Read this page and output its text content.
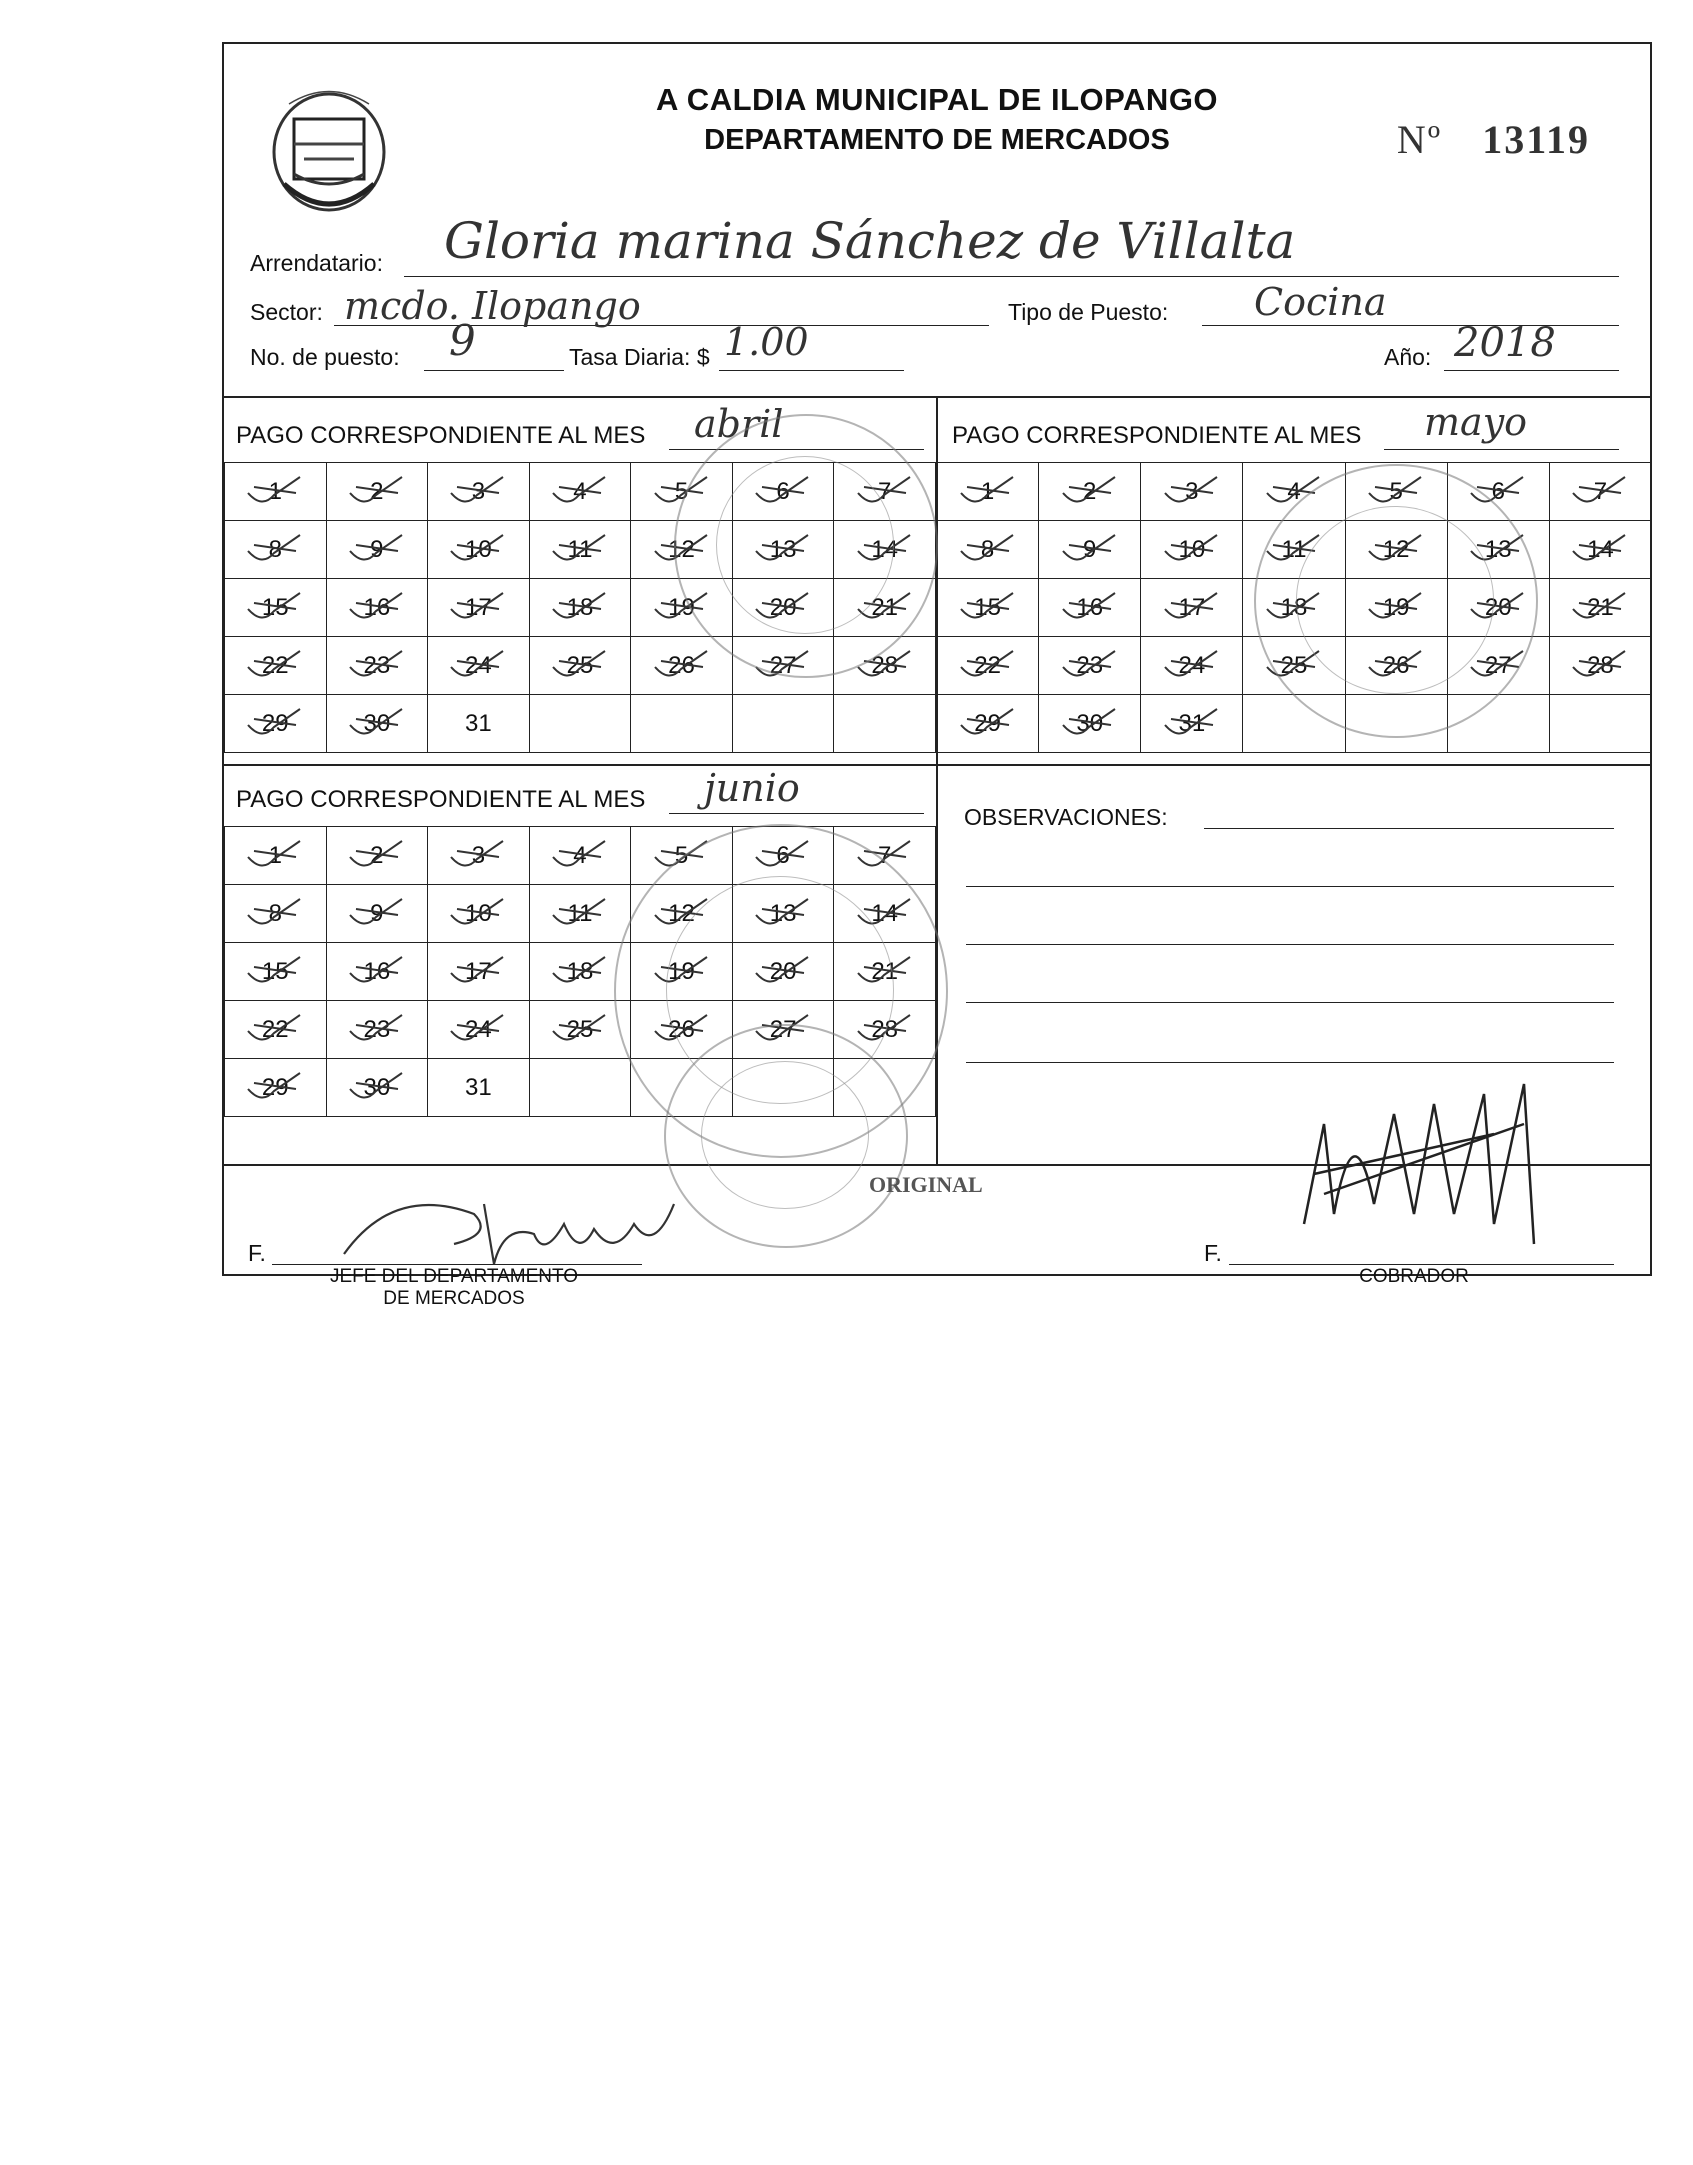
A CALDIA MUNICIPAL DE ILOPANGO
DEPARTAMENTO DE MERCADOS	Nº 13119
Arrendatario: Gloria marina Sánchez de Villalta
Sector: mcdo. Ilopango	Tipo de Puesto: Cocina
No. de puesto: 9	Tasa Diaria: $ 1.00	Año: 2018
PAGO CORRESPONDIENTE AL MES abril
1	2	3	4	5	6	7

8	9	10	11	12	13	14

15	16	17	18	19	20	21

22	23	24	25	26	27	28

29	30	31				
PAGO CORRESPONDIENTE AL MES mayo
1	2	3	4	5	6	7

8	9	10	11	12	13	14

15	16	17	18	19	20	21

22	23	24	25	26	27	28

29	30	31

PAGO CORRESPONDIENTE AL MES junio
1	2	3	4	5	6	7

8	9	10	11	12	13	14

15	16	17	18	19	20	21

22	23	24	25	26	27	28

29	30	31				
OBSERVACIONES:
ORIGINAL
F.
JEFE DEL DEPARTAMENTO
DE MERCADOS
F.
COBRADOR
